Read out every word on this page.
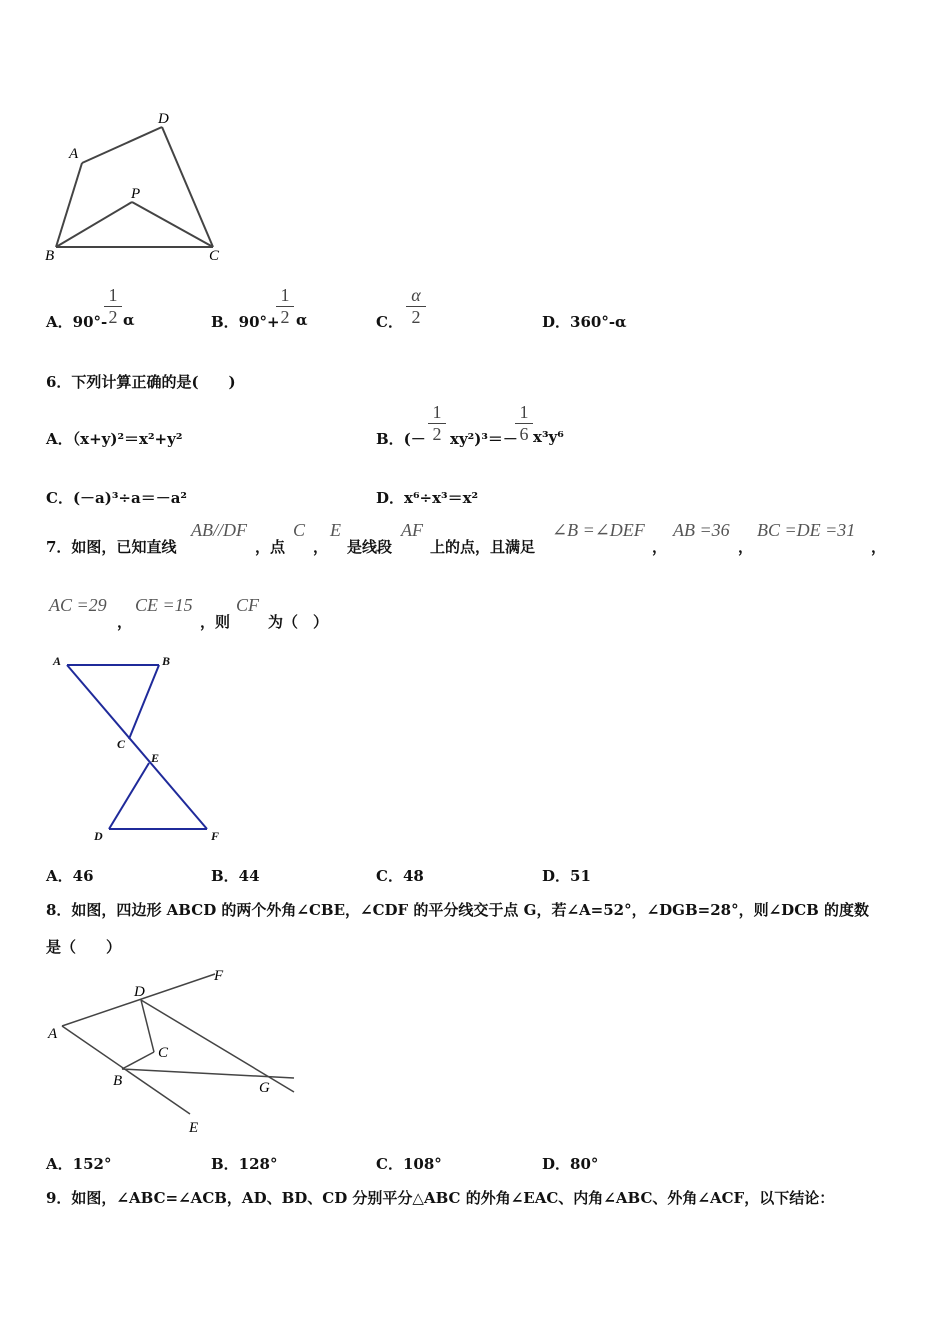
A
D
P
B	C
A．90°-
$\frac{1}{2}$ α	B．90°+
$\frac{1}{2}$ α	C． $\frac{\alpha}{2}$	D．360°-α
6．下列计算正确的是(　　)
A．（x+y)²＝x²+y²	B．(－ $\frac{1}{2} xy^2)^3=-$
$\frac{1}{6} x^3y^6$
C．(－a)³÷a＝－a²	D．x⁶÷x³＝x²
7．如图，已知直线
AB//DF
，点
C
，
E
是线段
AF
上的点，且满足
∠B =∠DEF
，
AB =36
，
BC =DE =31
，
AC =29
，
CE =15
，则
CF
为（　）
A	B
C
E
D	F
A．46	B．44	C．48	D．51
8．如图，四边形 ABCD 的两个外角∠CBE，∠CDF 的平分线交于点 G，若∠A=52°，∠DGB=28°，则∠DCB 的度数
是（　　）
A
D
F
C
B	G
E
A．152°	B．128°	C．108°	D．80°
9．如图，∠ABC=∠ACB，AD、BD、CD 分别平分△ABC 的外角∠EAC、内角∠ABC、外角∠ACF，以下结论：
